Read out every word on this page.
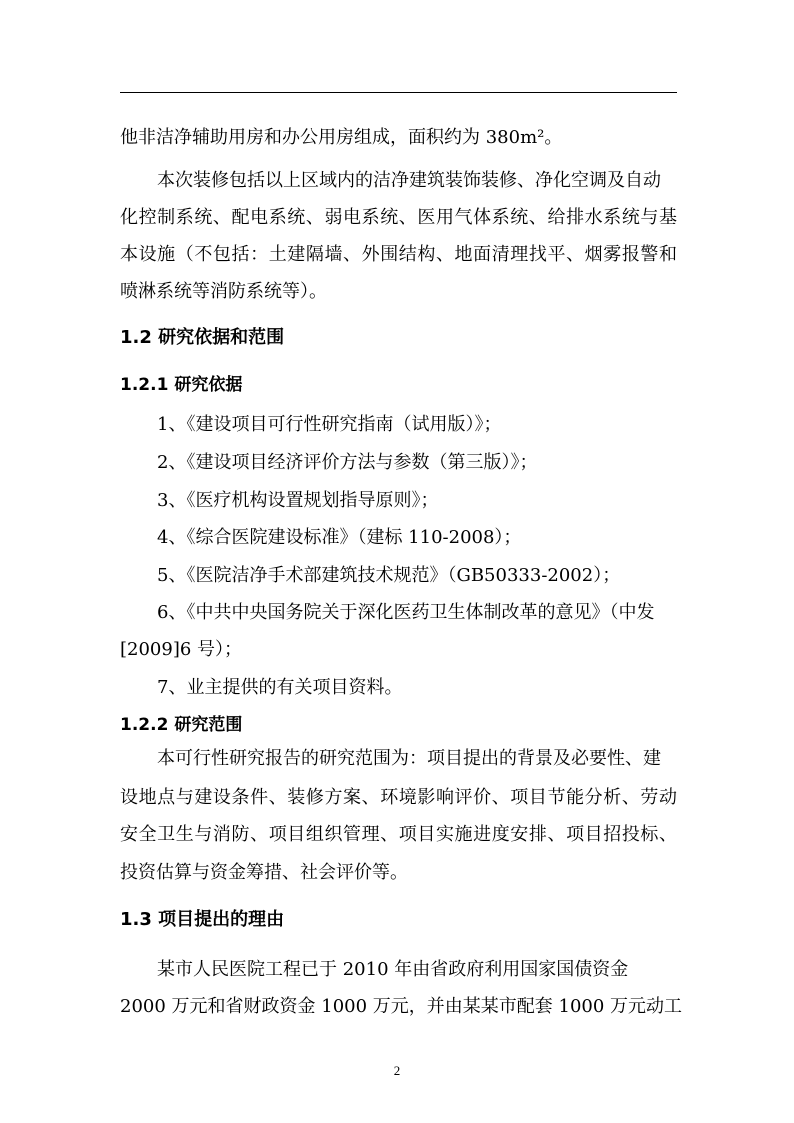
他非洁净辅助用房和办公用房组成，面积约为 380m²。
本次装修包括以上区域内的洁净建筑装饰装修、净化空调及自动
化控制系统、配电系统、弱电系统、医用气体系统、给排水系统与基
本设施（不包括：土建隔墙、外围结构、地面清理找平、烟雾报警和
喷淋系统等消防系统等）。
1.2 研究依据和范围
1.2.1 研究依据
1、《建设项目可行性研究指南（试用版）》；
2、《建设项目经济评价方法与参数（第三版）》；
3、《医疗机构设置规划指导原则》；
4、《综合医院建设标准》（建标 110-2008）；
5、《医院洁净手术部建筑技术规范》（GB50333-2002）；
6、《中共中央国务院关于深化医药卫生体制改革的意见》（中发
[2009]6 号）；
7、业主提供的有关项目资料。
1.2.2 研究范围
本可行性研究报告的研究范围为：项目提出的背景及必要性、建
设地点与建设条件、装修方案、环境影响评价、项目节能分析、劳动
安全卫生与消防、项目组织管理、项目实施进度安排、项目招投标、
投资估算与资金筹措、社会评价等。
1.3 项目提出的理由
某市人民医院工程已于 2010 年由省政府利用国家国债资金
2000 万元和省财政资金 1000 万元，并由某某市配套 1000 万元动工
2
